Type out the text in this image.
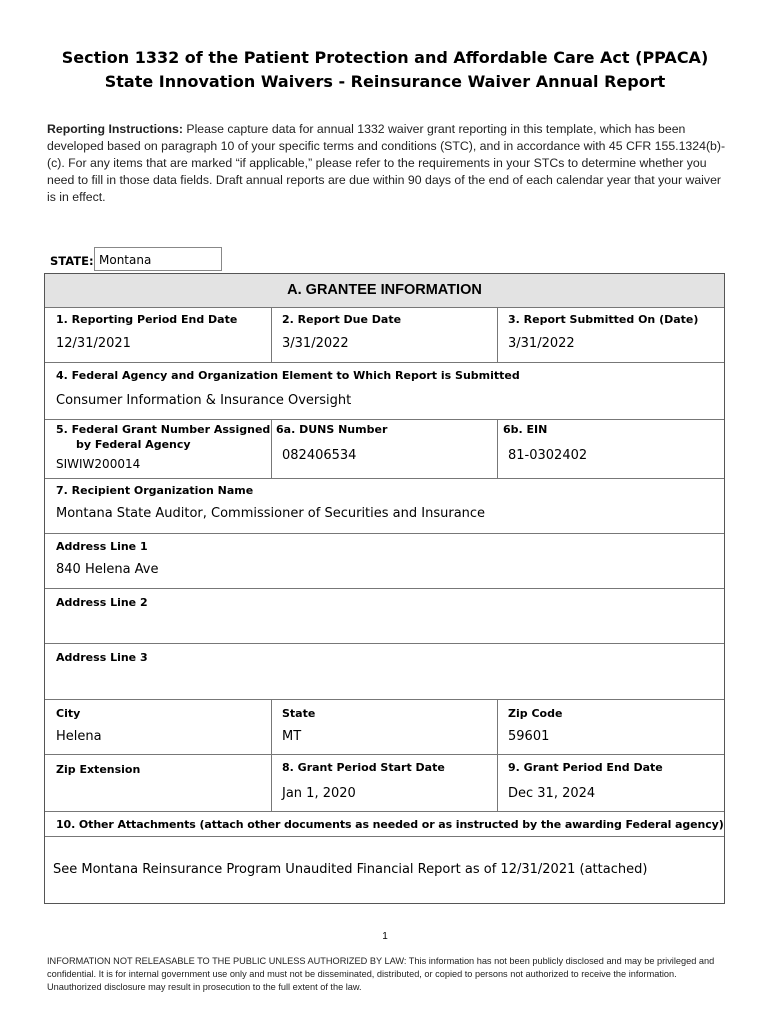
Section 1332 of the Patient Protection and Affordable Care Act (PPACA)
State Innovation Waivers - Reinsurance Waiver Annual Report
Reporting Instructions: Please capture data for annual 1332 waiver grant reporting in this template, which has been developed based on paragraph 10 of your specific terms and conditions (STC), and in accordance with 45 CFR 155.1324(b)-(c). For any items that are marked “if applicable,” please refer to the requirements in your STCs to determine whether you need to fill in those data fields. Draft annual reports are due within 90 days of the end of each calendar year that your waiver is in effect.
STATE: Montana
A. GRANTEE INFORMATION
1. Reporting Period End Date
12/31/2021
2. Report Due Date
3/31/2022
3. Report Submitted On (Date)
3/31/2022
4. Federal Agency and Organization Element to Which Report is Submitted
Consumer Information & Insurance Oversight
5. Federal Grant Number Assigned
by Federal Agency
SIWIW200014
6a. DUNS Number
082406534
6b. EIN
81-0302402
7. Recipient Organization Name
Montana State Auditor, Commissioner of Securities and Insurance
Address Line 1
840 Helena Ave
Address Line 2
Address Line 3
City
Helena
State
MT
Zip Code
59601
Zip Extension	8. Grant Period Start Date
Jan 1, 2020
9. Grant Period End Date
Dec 31, 2024
10. Other Attachments (attach other documents as needed or as instructed by the awarding Federal agency)
See Montana Reinsurance Program Unaudited Financial Report as of 12/31/2021 (attached)
1
INFORMATION NOT RELEASABLE TO THE PUBLIC UNLESS AUTHORIZED BY LAW: This information has not been publicly disclosed and may be privileged and confidential. It is for internal government use only and must not be disseminated, distributed, or copied to persons not authorized to receive the information. Unauthorized disclosure may result in prosecution to the full extent of the law.
